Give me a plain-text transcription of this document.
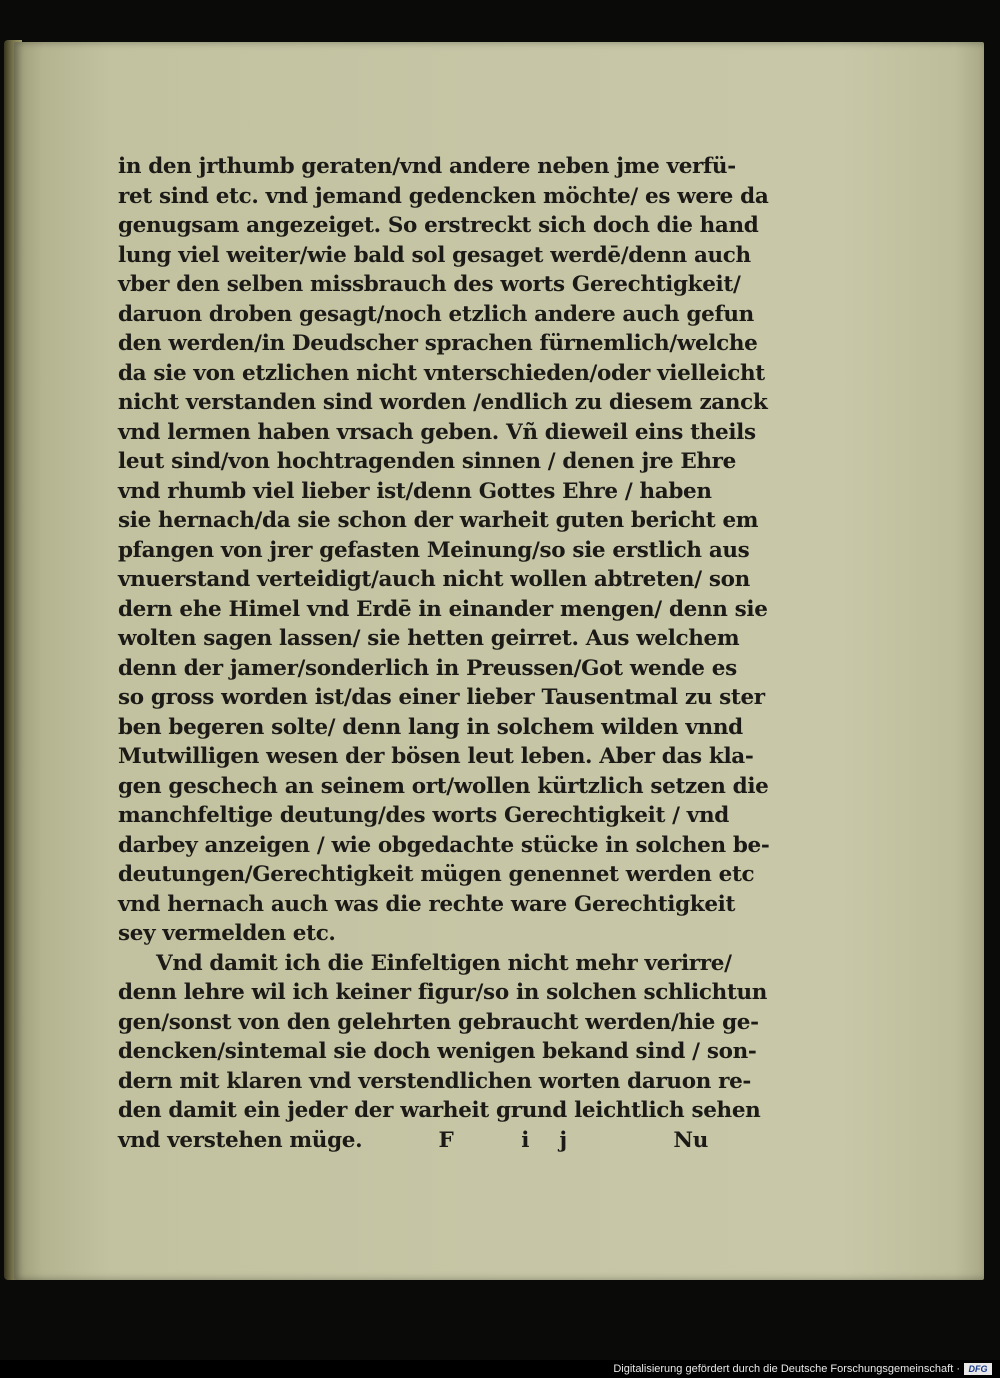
in den jrthumb geraten/vnd andere neben jme verfü-
ret sind etc. vnd jemand gedencken möchte/ es were da
genugsam angezeiget. So erstreckt sich doch die hand
lung viel weiter/wie bald sol gesaget werdē/denn auch
vber den selben missbrauch des worts Gerechtigkeit/
daruon droben gesagt/noch etzlich andere auch gefun
den werden/in Deudscher sprachen fürnemlich/welche
da sie von etzlichen nicht vnterschieden/oder vielleicht
nicht verstanden sind worden /endlich zu diesem zanck
vnd lermen haben vrsach geben. Vñ dieweil eins theils
leut sind/von hochtragenden sinnen / denen jre Ehre
vnd rhumb viel lieber ist/denn Gottes Ehre / haben
sie hernach/da sie schon der warheit guten bericht em
pfangen von jrer gefasten Meinung/so sie erstlich aus
vnuerstand verteidigt/auch nicht wollen abtreten/ son
dern ehe Himel vnd Erdē in einander mengen/ denn sie
wolten sagen lassen/ sie hetten geirret. Aus welchem
denn der jamer/sonderlich in Preussen/Got wende es
so gross worden ist/das einer lieber Tausentmal zu ster
ben begeren solte/ denn lang in solchem wilden vnnd
Mutwilligen wesen der bösen leut leben. Aber das kla-
gen geschech an seinem ort/wollen kürtzlich setzen die
manchfeltige deutung/des worts Gerechtigkeit / vnd
darbey anzeigen / wie obgedachte stücke in solchen be-
deutungen/Gerechtigkeit mügen genennet werden etc
vnd hernach auch was die rechte ware Gerechtigkeit
sey vermelden etc.
Vnd damit ich die Einfeltigen nicht mehr verirre/
denn lehre wil ich keiner figur/so in solchen schlichtun
gen/sonst von den gelehrten gebraucht werden/hie ge-
dencken/sintemal sie doch wenigen bekand sind / son-
dern mit klaren vnd verstendlichen worten daruon re-
den damit ein jeder der warheit grund leichtlich sehen
vnd verstehen müge.	F ij	Nu
Digitalisierung gefördert durch die Deutsche Forschungsgemeinschaft · DFG
